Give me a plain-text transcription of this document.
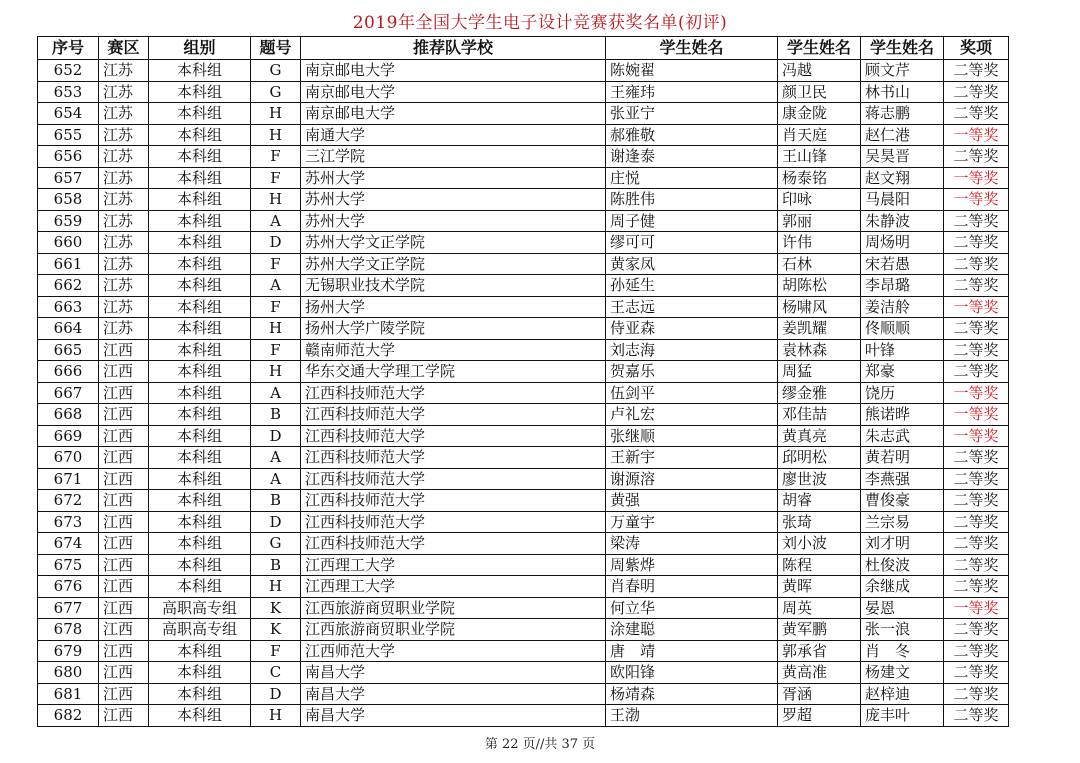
2019年全国大学生电子设计竞赛获奖名单(初评)
序号	赛区	组别	题号	推荐队学校	学生姓名	学生姓名	学生姓名	奖项
652	江苏	本科组	G	南京邮电大学	陈婉翟	冯越	顾文芹	二等奖
653	江苏	本科组	G	南京邮电大学	王雍玮	颜卫民	林书山	二等奖
654	江苏	本科组	H	南京邮电大学	张亚宁	康金陇	蒋志鹏	二等奖
655	江苏	本科组	H	南通大学	郝雅敬	肖天庭	赵仁港	一等奖
656	江苏	本科组	F	三江学院	谢逢泰	王山锋	吴昊晋	二等奖
657	江苏	本科组	F	苏州大学	庄悦	杨泰铭	赵文翔	一等奖
658	江苏	本科组	H	苏州大学	陈胜伟	印咏	马晨阳	一等奖
659	江苏	本科组	A	苏州大学	周子健	郭丽	朱静波	二等奖
660	江苏	本科组	D	苏州大学文正学院	缪可可	许伟	周炀明	二等奖
661	江苏	本科组	F	苏州大学文正学院	黄家凤	石林	宋若愚	二等奖
662	江苏	本科组	A	无锡职业技术学院	孙延生	胡陈松	李昂璐	二等奖
663	江苏	本科组	F	扬州大学	王志远	杨啸风	姜洁舲	一等奖
664	江苏	本科组	H	扬州大学广陵学院	侍亚森	姜凯耀	佟顺顺	二等奖
665	江西	本科组	F	赣南师范大学	刘志海	袁林森	叶锋	二等奖
666	江西	本科组	H	华东交通大学理工学院	贺嘉乐	周猛	郑豪	二等奖
667	江西	本科组	A	江西科技师范大学	伍剑平	缪金雅	饶历	一等奖
668	江西	本科组	B	江西科技师范大学	卢礼宏	邓佳喆	熊诺晔	一等奖
669	江西	本科组	D	江西科技师范大学	张继顺	黄真亮	朱志武	一等奖
670	江西	本科组	A	江西科技师范大学	王新宇	邱明松	黄若明	二等奖
671	江西	本科组	A	江西科技师范大学	谢源溶	廖世波	李燕强	二等奖
672	江西	本科组	B	江西科技师范大学	黄强	胡睿	曹俊豪	二等奖
673	江西	本科组	D	江西科技师范大学	万童宇	张琦	兰宗易	二等奖
674	江西	本科组	G	江西科技师范大学	梁涛	刘小波	刘才明	二等奖
675	江西	本科组	B	江西理工大学	周紫烨	陈程	杜俊波	二等奖
676	江西	本科组	H	江西理工大学	肖春明	黄晖	余继成	二等奖
677	江西	高职高专组	K	江西旅游商贸职业学院	何立华	周英	晏恩	一等奖
678	江西	高职高专组	K	江西旅游商贸职业学院	涂建聪	黄军鹏	张一浪	二等奖
679	江西	本科组	F	江西师范大学	唐　靖	郭承省	肖　冬	二等奖
680	江西	本科组	C	南昌大学	欧阳锋	黄高准	杨建文	二等奖
681	江西	本科组	D	南昌大学	杨靖森	胥涵	赵梓迪	二等奖
682	江西	本科组	H	南昌大学	王渤	罗超	庞丰叶	二等奖
第 22 页//共 37 页
